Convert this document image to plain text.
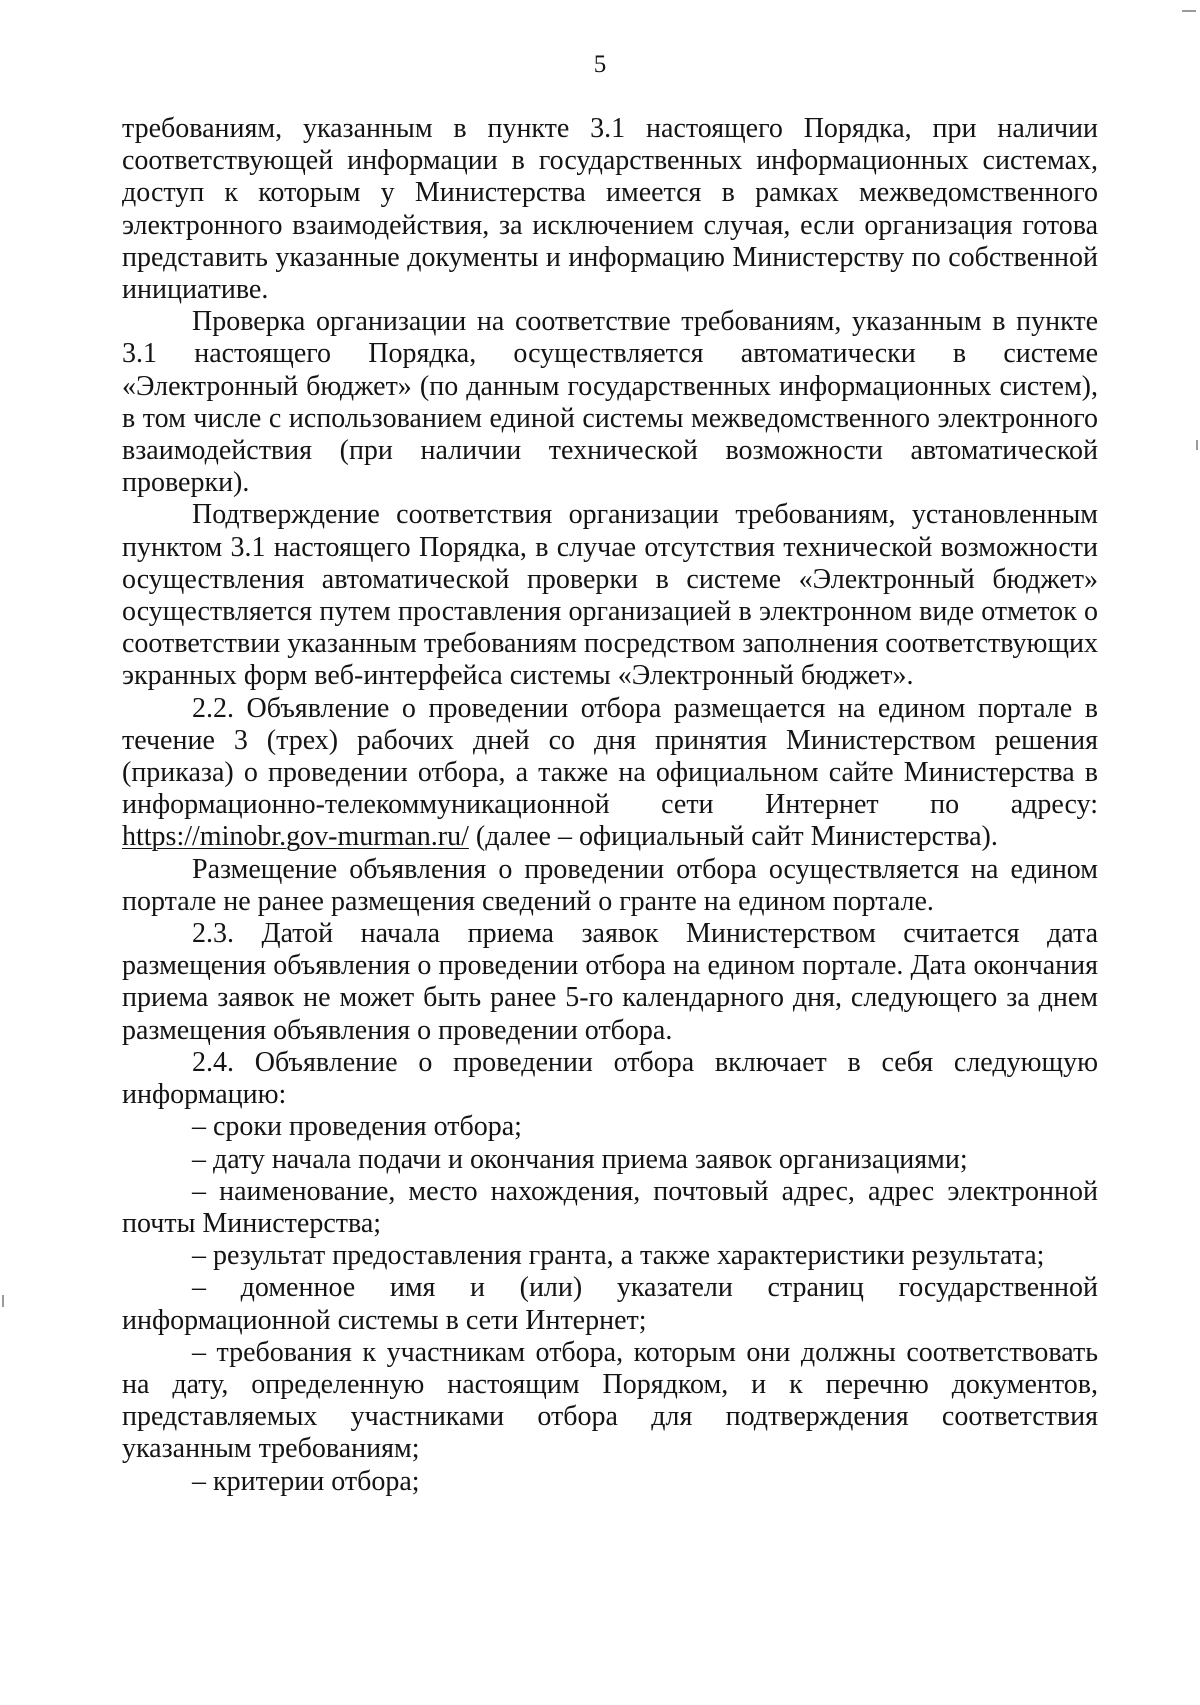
5

требованиям, указанным в пункте 3.1 настоящего Порядка, при наличии соответствующей информации в государственных информационных системах, доступ к которым у Министерства имеется в рамках межведомственного электронного взаимодействия, за исключением случая, если организация готова представить указанные документы и информацию Министерству по собственной инициативе.

Проверка организации на соответствие требованиям, указанным в пункте 3.1 настоящего Порядка, осуществляется автоматически в системе «Электронный бюджет» (по данным государственных информационных систем), в том числе с использованием единой системы межведомственного электронного взаимодействия (при наличии технической возможности автоматической проверки).

Подтверждение соответствия организации требованиям, установленным пунктом 3.1 настоящего Порядка, в случае отсутствия технической возможности осуществления автоматической проверки в системе «Электронный бюджет» осуществляется путем проставления организацией в электронном виде отметок о соответствии указанным требованиям посредством заполнения соответствующих экранных форм веб-интерфейса системы «Электронный бюджет».

2.2. Объявление о проведении отбора размещается на едином портале в течение 3 (трех) рабочих дней со дня принятия Министерством решения (приказа) о проведении отбора, а также на официальном сайте Министерства в информационно-телекоммуникационной сети Интернет по адресу: https://minobr.gov-murman.ru/ (далее – официальный сайт Министерства).

Размещение объявления о проведении отбора осуществляется на едином портале не ранее размещения сведений о гранте на едином портале.

2.3. Датой начала приема заявок Министерством считается дата размещения объявления о проведении отбора на едином портале. Дата окончания приема заявок не может быть ранее 5-го календарного дня, следующего за днем размещения объявления о проведении отбора.

2.4. Объявление о проведении отбора включает в себя следующую информацию:

– сроки проведения отбора;

– дату начала подачи и окончания приема заявок организациями;

– наименование, место нахождения, почтовый адрес, адрес электронной почты Министерства;

– результат предоставления гранта, а также характеристики результата;

– доменное имя и (или) указатели страниц государственной информационной системы в сети Интернет;

– требования к участникам отбора, которым они должны соответствовать на дату, определенную настоящим Порядком, и к перечню документов, представляемых участниками отбора для подтверждения соответствия указанным требованиям;

– критерии отбора;
